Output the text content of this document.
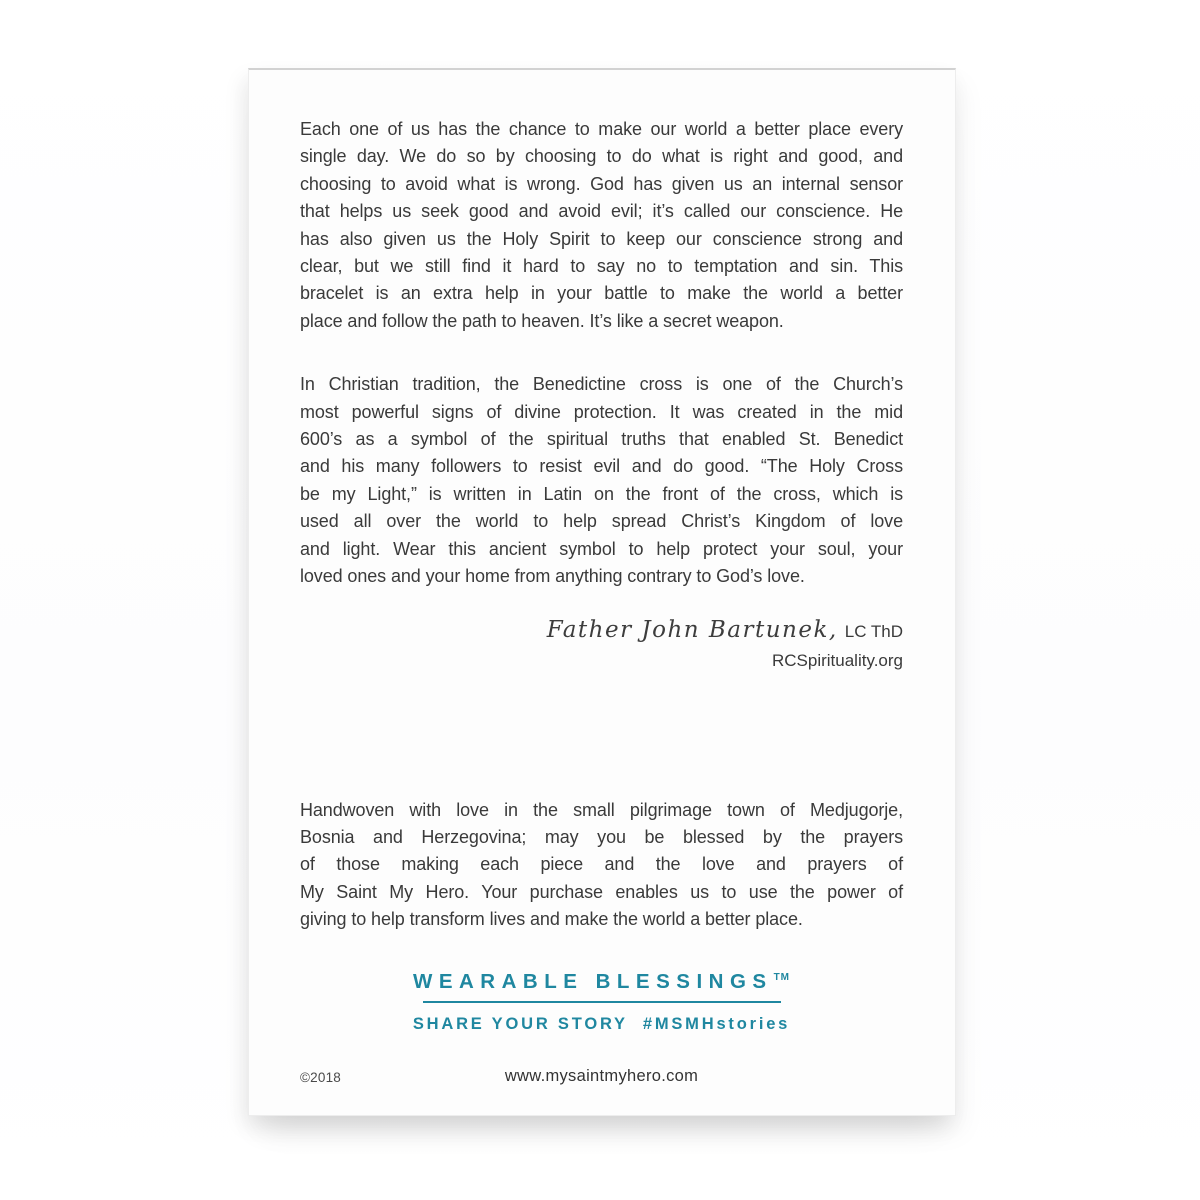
Each one of us has the chance to make our world a better place every
single day. We do so by choosing to do what is right and good, and
choosing to avoid what is wrong. God has given us an internal sensor
that helps us seek good and avoid evil; it’s called our conscience. He
has also given us the Holy Spirit to keep our conscience strong and
clear, but we still find it hard to say no to temptation and sin. This
bracelet is an extra help in your battle to make the world a better
place and follow the path to heaven. It’s like a secret weapon.
In Christian tradition, the Benedictine cross is one of the Church’s
most powerful signs of divine protection. It was created in the mid
600’s as a symbol of the spiritual truths that enabled St. Benedict
and his many followers to resist evil and do good. “The Holy Cross
be my Light,” is written in Latin on the front of the cross, which is
used all over the world to help spread Christ’s Kingdom of love
and light. Wear this ancient symbol to help protect your soul, your
loved ones and your home from anything contrary to God’s love.
Father John Bartunek, LC ThD
RCSpirituality.org
Handwoven with love in the small pilgrimage town of Medjugorje,
Bosnia and Herzegovina; may you be blessed by the prayers
of those making each piece and the love and prayers of
My Saint My Hero. Your purchase enables us to use the power of
giving to help transform lives and make the world a better place.
WEARABLE BLESSINGS™
SHARE YOUR STORY #MSMHstories
©2018	www.mysaintmyhero.com
